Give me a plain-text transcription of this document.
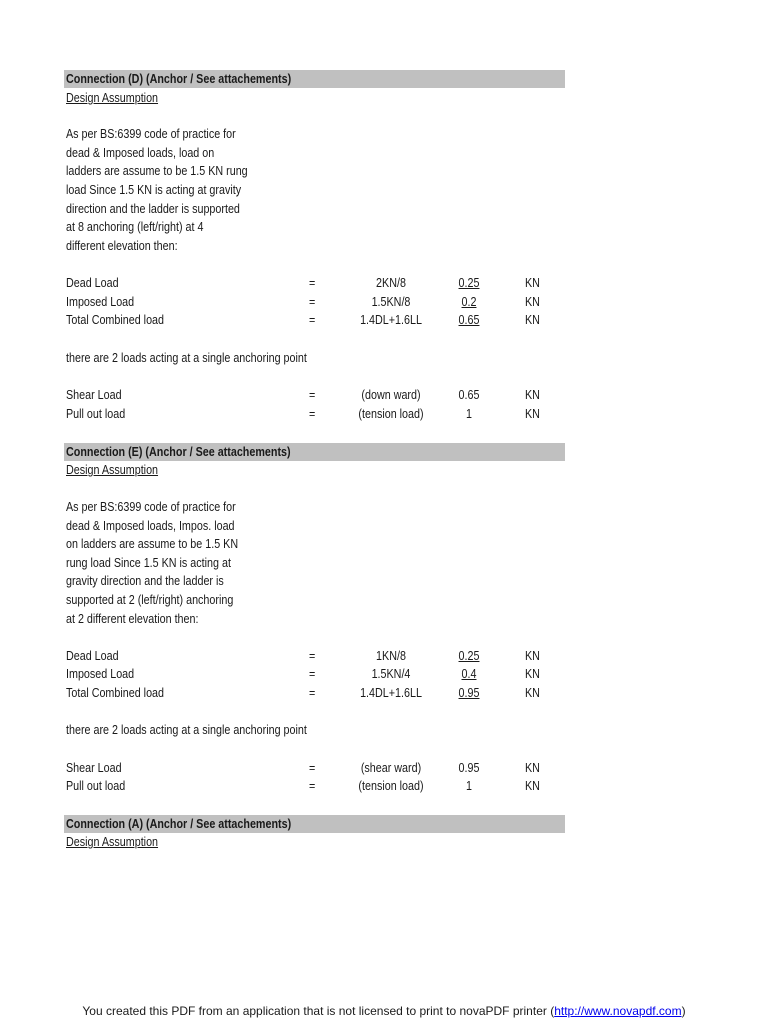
Connection (D) (Anchor / See attachements)
Design Assumption
As per BS:6399 code of practice for
dead & Imposed loads, load on
ladders are assume to be 1.5 KN rung
load Since 1.5 KN is acting at gravity
direction and the ladder is supported
at 8 anchoring (left/right) at 4
different elevation then:
Dead Load	=	2KN/8	0.25	KN
Imposed Load	=	1.5KN/8	0.2	KN
Total Combined load	=	1.4DL+1.6LL	0.65	KN
there are 2 loads acting at a single anchoring point
Shear Load	=	(down ward)	0.65	KN
Pull out load	=	(tension load)	1	KN
Connection (E) (Anchor / See attachements)
Design Assumption
As per BS:6399 code of practice for
dead & Imposed loads, Impos. load
on ladders are assume to be 1.5 KN
rung load Since 1.5 KN is acting at
gravity direction and the ladder is
supported at 2 (left/right) anchoring
at 2 different elevation then:
Dead Load	=	1KN/8	0.25	KN
Imposed Load	=	1.5KN/4	0.4	KN
Total Combined load	=	1.4DL+1.6LL	0.95	KN
there are 2 loads acting at a single anchoring point
Shear Load	=	(shear ward)	0.95	KN
Pull out load	=	(tension load)	1	KN
Connection (A) (Anchor / See attachements)
Design Assumption
You created this PDF from an application that is not licensed to print to novaPDF printer (http://www.novapdf.com)
